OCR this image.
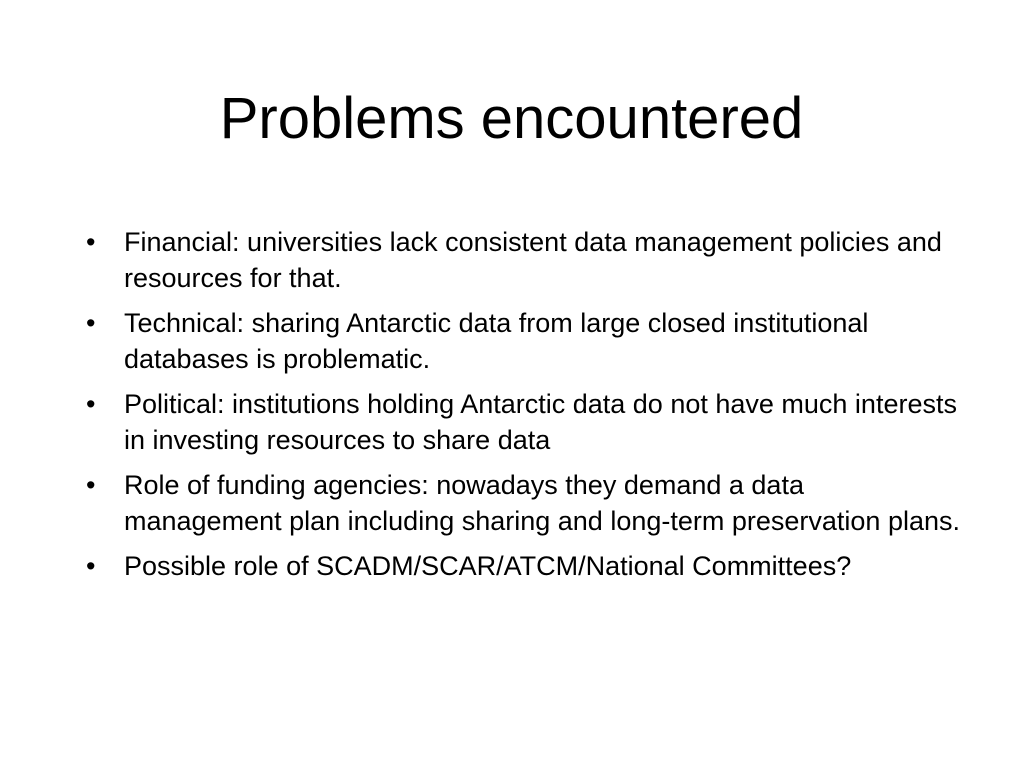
Problems encountered
•	Financial: universities lack consistent data management policies and resources for that.
•	Technical: sharing Antarctic data from large closed institutional databases is problematic.
•	Political: institutions holding Antarctic data do not have much interests in investing resources to share data
•	Role of funding agencies: nowadays they demand a data management plan including sharing and long-term preservation plans.
•	Possible role of SCADM/SCAR/ATCM/National Committees?
